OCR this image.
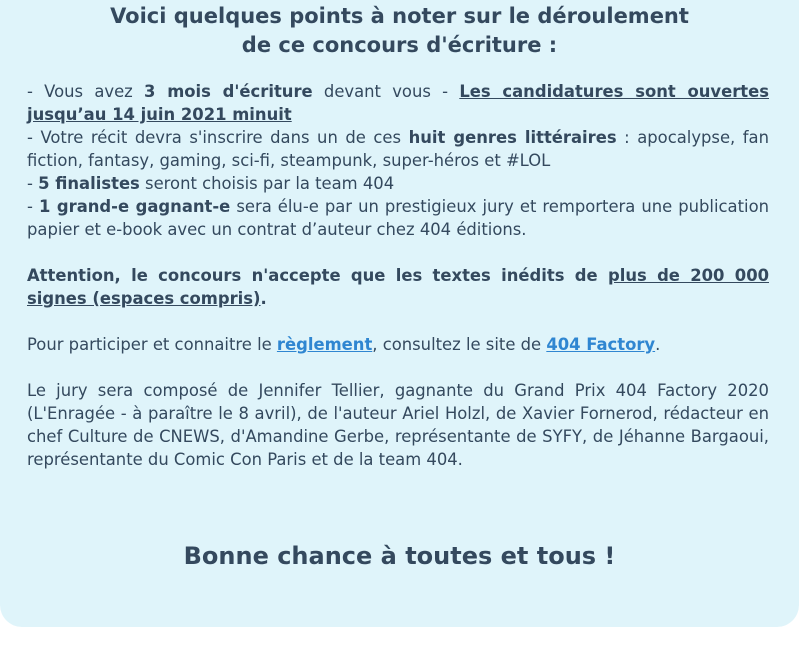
Voici quelques points à noter sur le déroulement
de ce concours d'écriture :

- Vous avez 3 mois d'écriture devant vous - Les candidatures sont ouvertes jusqu’au 14 juin 2021 minuit

- Votre récit devra s'inscrire dans un de ces huit genres littéraires : apocalypse, fan fiction, fantasy, gaming, sci-fi, steampunk, super-héros et #LOL

- 5 finalistes seront choisis par la team 404

- 1 grand-e gagnant-e sera élu-e par un prestigieux jury et remportera une publication papier et e-book avec un contrat d’auteur chez 404 éditions.

Attention, le concours n'accepte que les textes inédits de plus de 200 000 signes (espaces compris).

Pour participer et connaitre le règlement, consultez le site de 404 Factory.

Le jury sera composé de Jennifer Tellier, gagnante du Grand Prix 404 Factory 2020 (L'Enragée - à paraître le 8 avril), de l'auteur Ariel Holzl, de Xavier Fornerod, rédacteur en chef Culture de CNEWS, d'Amandine Gerbe, représentante de SYFY, de Jéhanne Bargaoui, représentante du Comic Con Paris et de la team 404.

Bonne chance à toutes et tous !
